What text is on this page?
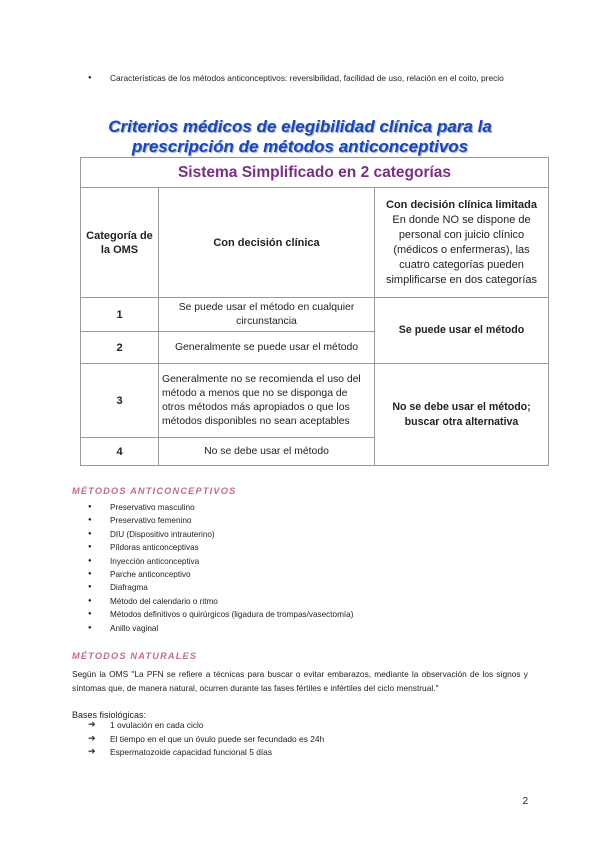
● Características de los métodos anticonceptivos: reversibilidad, facilidad de uso, relación en el coito, precio
Criterios médicos de elegibilidad clínica para la
prescripción de métodos anticonceptivos
Sistema Simplificado en 2 categorías		
Categoría de la OMS	Con decisión clínica	Con decisión clínica limitada
En donde NO se dispone de personal con juicio clínico (médicos o enfermeras), las cuatro categorías pueden simplificarse en dos categorías
1	Se puede usar el método en cualquier circunstancia	Se puede usar el método
2	Generalmente se puede usar el método	
3	Generalmente no se recomienda el uso del método a menos que no se disponga de otros métodos más apropiados o que los métodos disponibles no sean aceptables	No se debe usar el método; buscar otra alternativa
4	No se debe usar el método	
MÉTODOS ANTICONCEPTIVOS
● Preservativo masculino
● Preservativo femenino
● DIU (Dispositivo intrauterino)
● Píldoras anticonceptivas
● Inyección anticonceptiva
● Parche anticonceptivo
● Diafragma
● Método del calendario o ritmo
● Métodos definitivos o quirúrgicos (ligadura de trompas/vasectomía)
● Anillo vaginal
MÉTODOS NATURALES

Según la OMS "La PFN se refiere a técnicas para buscar o evitar embarazos, mediante la observación de los signos y síntomas que, de manera natural, ocurren durante las fases fértiles e infértiles del ciclo menstrual."

Bases fisiológicas:
➔ 1 ovulación en cada ciclo
➔ El tiempo en el que un óvulo puede ser fecundado es 24h
➔ Espermatozoide capacidad funcional 5 días
2
